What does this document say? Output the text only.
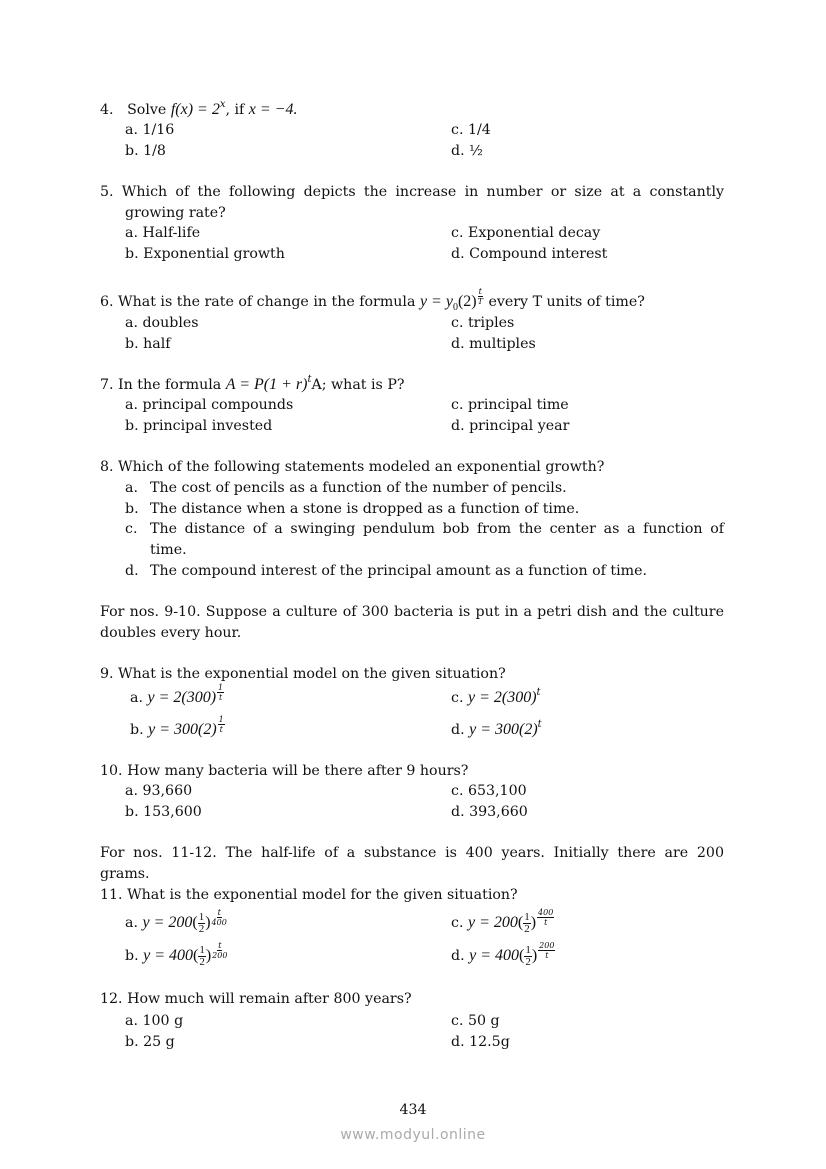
4. Solve $f(x) = 2^x$, if x = −4.
a. 1/16
b. 1/8
c. 1/4
d. ½
5. Which of the following depicts the increase in number or size at a constantly
growing rate?
a. Half-life
b. Exponential growth
c. Exponential decay
d. Compound interest
6. What is the rate of change in the formula $y = y_0(2) \frac{t}{T}$ every T units of time?
a. doubles
b. half
c. triples
d. multiples
7. In the formula $A = P(1 + r)^tA$; what is P?
a. principal compounds
b. principal invested
c. principal time
d. principal year
8. Which of the following statements modeled an exponential growth?
a. The cost of pencils as a function of the number of pencils.
b. The distance when a stone is dropped as a function of time.
c. The distance of a swinging pendulum bob from the center as a function of
time.
d. The compound interest of the principal amount as a function of time.
For nos. 9-10. Suppose a culture of 300 bacteria is put in a petri dish and the culture
doubles every hour.
9. What is the exponential model on the given situation?
a. $y = 2(300) \frac{1}{t}$
b. $y = 300(2) \frac{1}{t}$
c. $y = 2(300)^t$
d. $y = 300(2)^t$
10. How many bacteria will be there after 9 hours?
a. 93,660
b. 153,600
c. 653,100
d. 393,660
For nos. 11-12. The half-life of a substance is 400 years. Initially there are 200
grams.
11. What is the exponential model for the given situation?
a. $y = 200( \frac{1}{2}$ ) $\frac{t}{400}$
b. $y = 400( \frac{1}{2}$ ) $\frac{t}{200}$
c. $y = 200( \frac{1}{2}$ ) $\frac{400}{t}$
d. $y = 400( \frac{1}{2}$ ) $\frac{200}{t}$
12. How much will remain after 800 years?
a. 100 g
b. 25 g
c. 50 g
d. 12.5g
434
www.modyul.online
